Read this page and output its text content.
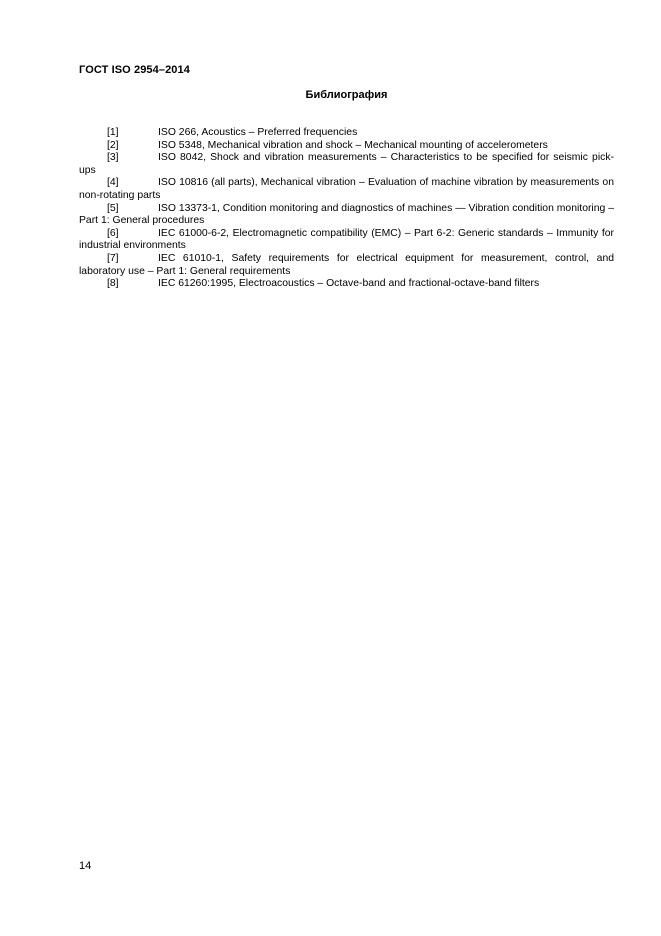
ГОСТ ISO 2954–2014
Библиография

[1]	ISO 266, Acoustics – Preferred frequencies

[2]	ISO 5348, Mechanical vibration and shock – Mechanical mounting of accelerometers

[3]	ISO 8042, Shock and vibration measurements – Characteristics to be specified for seismic pick-ups

[4]	ISO 10816 (all parts), Mechanical vibration – Evaluation of machine vibration by measurements on non-rotating parts

[5]	ISO 13373-1, Condition monitoring and diagnostics of machines — Vibration condition monitoring – Part 1: General procedures

[6]	IEC 61000-6-2, Electromagnetic compatibility (EMC) – Part 6-2: Generic standards – Immunity for industrial environments

[7]	IEC 61010-1, Safety requirements for electrical equipment for measurement, control, and laboratory use – Part 1: General requirements

[8]	IEC 61260:1995, Electroacoustics – Octave-band and fractional-octave-band filters

14
